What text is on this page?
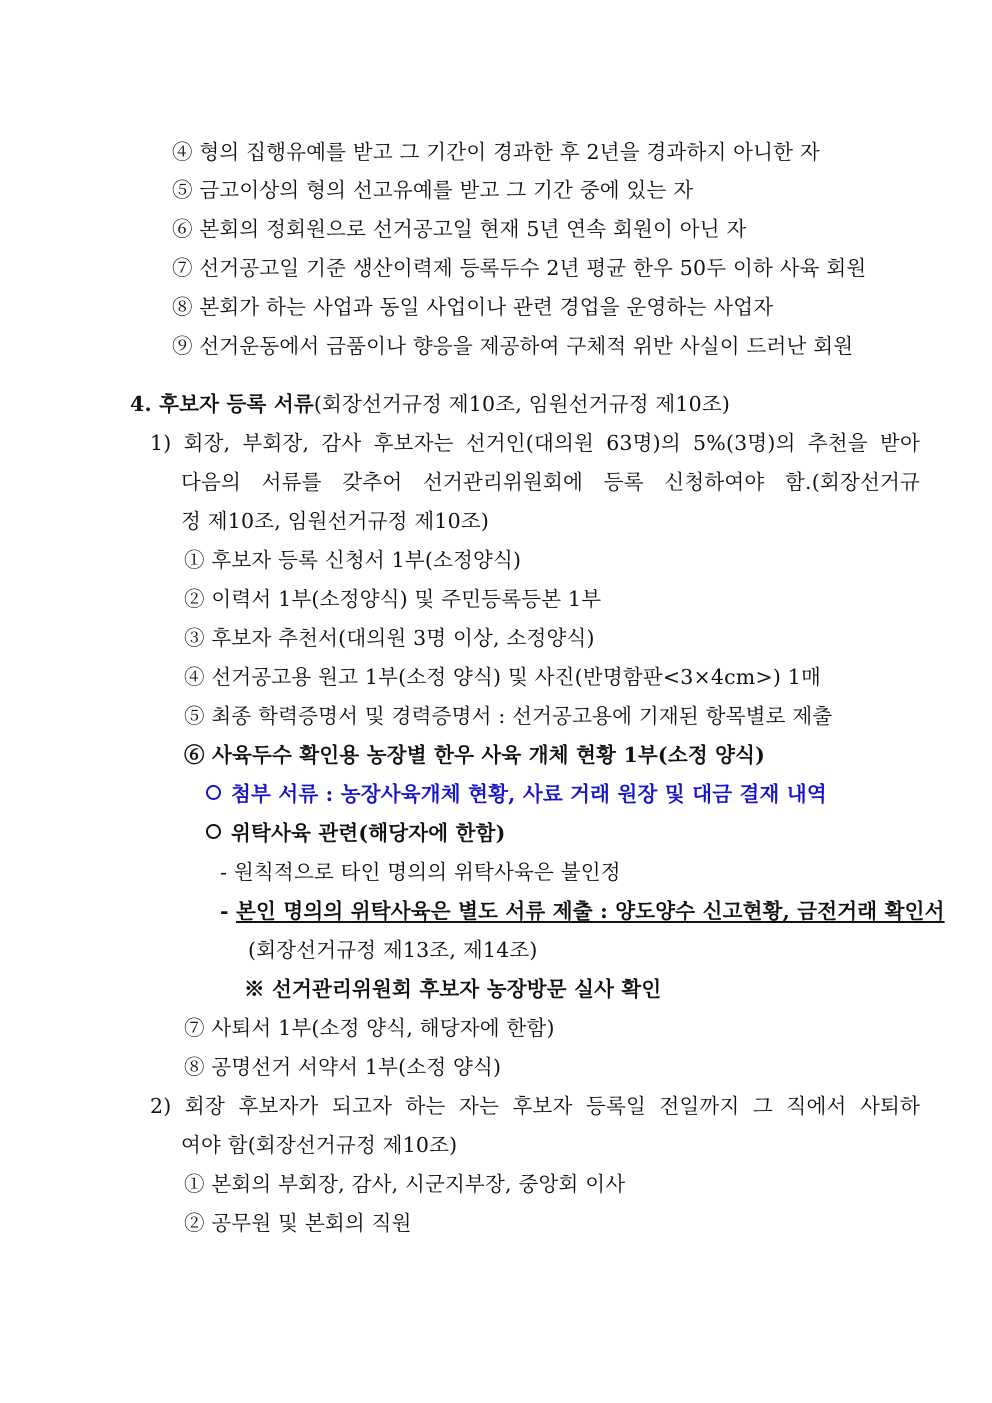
④ 형의 집행유예를 받고 그 기간이 경과한 후 2년을 경과하지 아니한 자
⑤ 금고이상의 형의 선고유예를 받고 그 기간 중에 있는 자
⑥ 본회의 정회원으로 선거공고일 현재 5년 연속 회원이 아닌 자
⑦ 선거공고일 기준 생산이력제 등록두수 2년 평균 한우 50두 이하 사육 회원
⑧ 본회가 하는 사업과 동일 사업이나 관련 경업을 운영하는 사업자
⑨ 선거운동에서 금품이나 향응을 제공하여 구체적 위반 사실이 드러난 회원
4. 후보자 등록 서류(회장선거규정 제10조, 임원선거규정 제10조)
1) 회장, 부회장, 감사 후보자는 선거인(대의원 63명)의 5%(3명)의 추천을 받아
다음의 서류를 갖추어 선거관리위원회에 등록 신청하여야 함.(회장선거규
정 제10조, 임원선거규정 제10조)
① 후보자 등록 신청서 1부(소정양식)
② 이력서 1부(소정양식) 및 주민등록등본 1부
③ 후보자 추천서(대의원 3명 이상, 소정양식)
④ 선거공고용 원고 1부(소정 양식) 및 사진(반명함판<3×4cm>) 1매
⑤ 최종 학력증명서 및 경력증명서 : 선거공고용에 기재된 항목별로 제출
⑥ 사육두수 확인용 농장별 한우 사육 개체 현황 1부(소정 양식)
첨부 서류 : 농장사육개체 현황, 사료 거래 원장 및 대금 결재 내역
위탁사육 관련(해당자에 한함)
- 원칙적으로 타인 명의의 위탁사육은 불인정
- 본인 명의의 위탁사육은 별도 서류 제출 : 양도양수 신고현황, 금전거래 확인서
(회장선거규정 제13조, 제14조)
※ 선거관리위원회 후보자 농장방문 실사 확인
⑦ 사퇴서 1부(소정 양식, 해당자에 한함)
⑧ 공명선거 서약서 1부(소정 양식)
2) 회장 후보자가 되고자 하는 자는 후보자 등록일 전일까지 그 직에서 사퇴하
여야 함(회장선거규정 제10조)
① 본회의 부회장, 감사, 시군지부장, 중앙회 이사
② 공무원 및 본회의 직원
